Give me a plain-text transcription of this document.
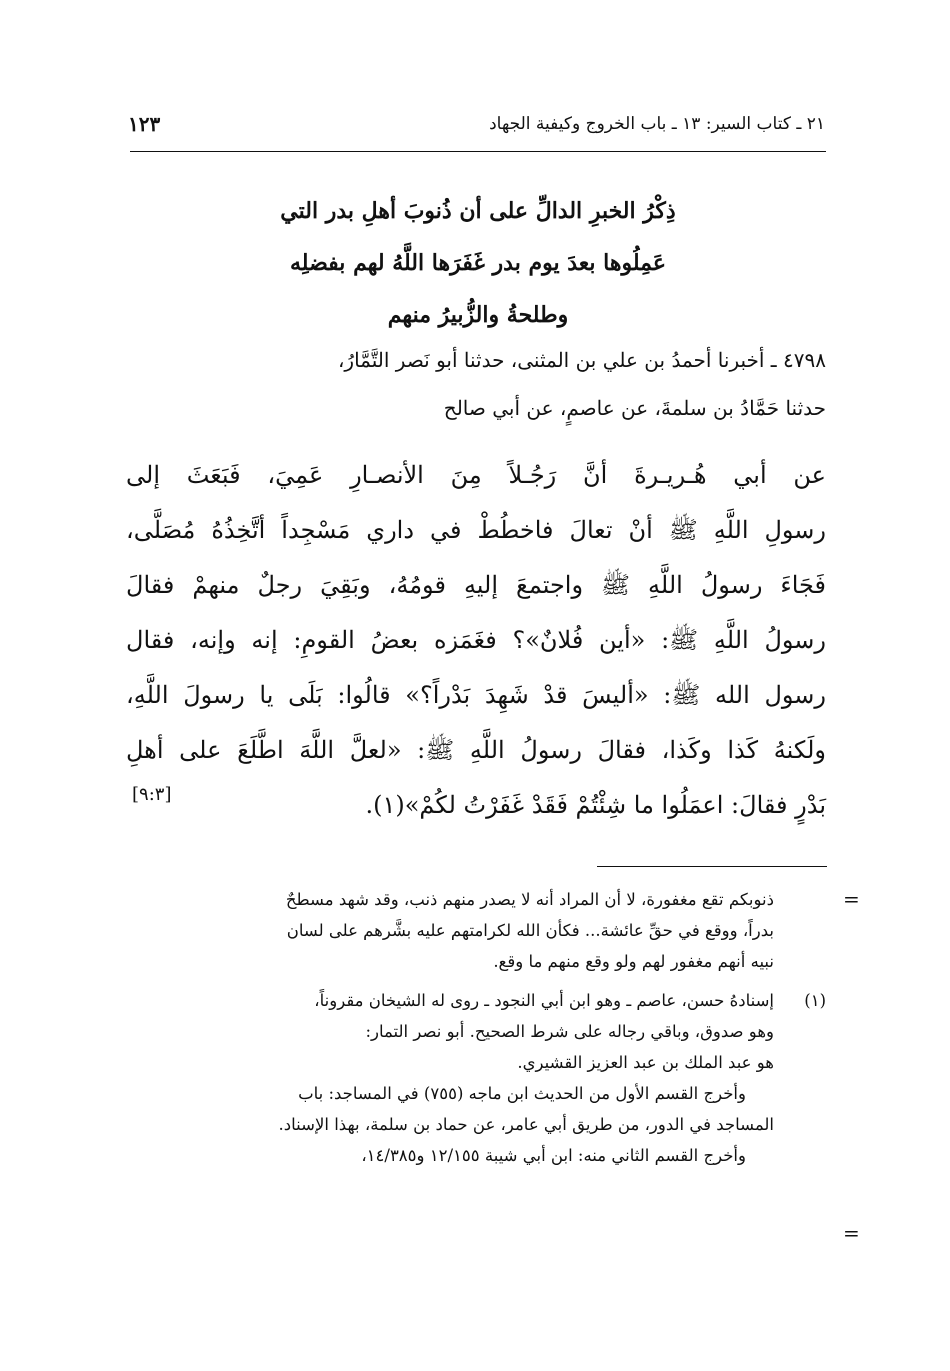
٢١ ـ كتاب السير: ١٣ ـ باب الخروج وكيفية الجهاد
١٢٣
ذِكْرُ الخبرِ الدالِّ على أن ذُنوبَ أهلِ بدر التي
عَمِلُوها بعدَ يوم بدر غَفَرَها اللَّهُ لهم بفضلِه
وطلحةُ والزُّبيرُ منهم
٤٧٩٨ ـ أخبرنا أحمدُ بن علي بن المثنى، حدثنا أبو نَصر التَّمَّارُ،
حدثنا حَمَّادُ بن سلمةَ، عن عاصمٍ، عن أبي صالح
عن أبي هُـريـرةَ أنَّ رَجُـلاً مِنَ الأنصـارِ عَمِيَ، فَبَعَثَ إلى
رسولِ اللَّهِ ﷺ أنْ تعالَ فاخطُطْ في داري مَسْجِداً أتَّخِذُهُ مُصَلَّى،
فَجَاءَ رسولُ اللَّهِ ﷺ واجتمعَ إليهِ قومُهُ، وبَقِيَ رجلٌ منهمْ فقالَ
رسولُ اللَّهِ ﷺ: «أين فُلانٌ»؟ فغَمَزه بعضُ القومِ: إنه وإنه، فقال
رسول الله ﷺ: «أليسَ قدْ شَهِدَ بَدْراً؟» قالُوا: بَلَى يا رسولَ اللَّهِ،
ولَكنهُ كَذا وكَذا، فقالَ رسولُ اللَّهِ ﷺ: «لعلَّ اللَّهَ اطَّلَعَ على أهلِ
بَدْرٍ فقالَ: اعمَلُوا ما شِئْتُمْ فَقَدْ غَفَرْتُ لكُمْ»(١).
[٩:٣]
=
=
ذنوبكم تقع مغفورة، لا أن المراد أنه لا يصدر منهم ذنب، وقد شهد مسطحٌ
بدراً، ووقع في حقِّ عائشة... فكأن الله لكرامتهم عليه بشَّرهم على لسان
نبيه أنهم مغفور لهم ولو وقع منهم ما وقع.
(١)
إسنادهُ حسن، عاصم ـ وهو ابن أبي النجود ـ روى له الشيخان مقروناً،
وهو صدوق، وباقي رجاله على شرط الصحيح. أبو نصر التمار:
هو عبد الملك بن عبد العزيز القشيري.
وأخرج القسم الأول من الحديث ابن ماجه (٧٥٥) في المساجد: باب
المساجد في الدور، من طريق أبي عامر، عن حماد بن سلمة، بهذا الإسناد.
وأخرج القسم الثاني منه: ابن أبي شيبة ١٢/١٥٥ و١٤/٣٨٥،
